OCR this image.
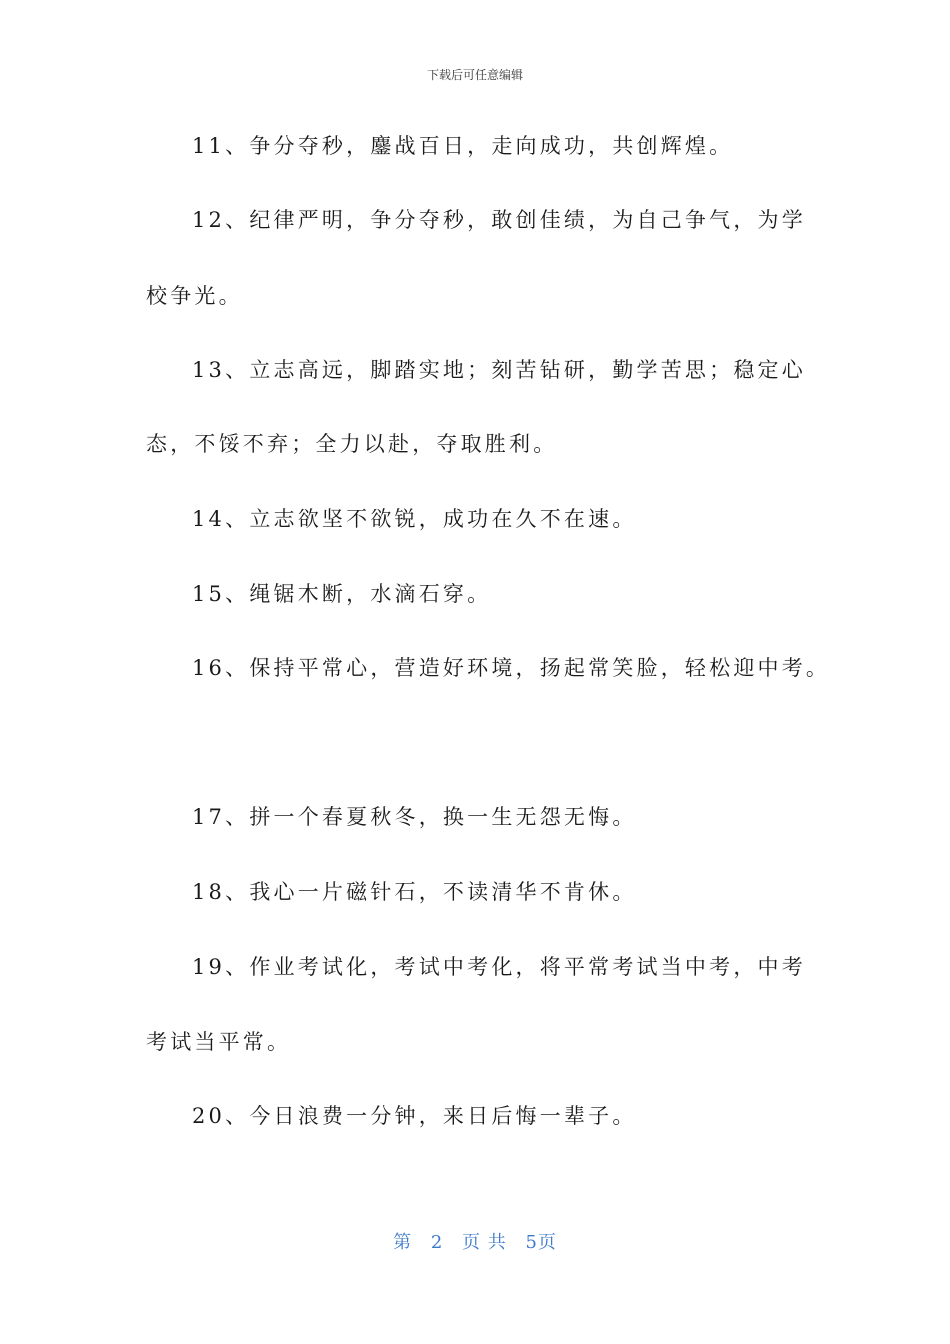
下载后可任意编辑
11、争分夺秒，鏖战百日，走向成功，共创辉煌。
12、纪律严明，争分夺秒，敢创佳绩，为自己争气，为学
校争光。
13、立志高远，脚踏实地；刻苦钻研，勤学苦思；稳定心
态，不馁不弃；全力以赴，夺取胜利。
14、立志欲坚不欲锐，成功在久不在速。
15、绳锯木断，水滴石穿。
16、保持平常心，营造好环境，扬起常笑脸，轻松迎中考。
17、拼一个春夏秋冬，换一生无怨无悔。
18、我心一片磁针石，不读清华不肯休。
19、作业考试化，考试中考化，将平常考试当中考，中考
考试当平常。
20、今日浪费一分钟，来日后悔一辈子。
第 2 页 共 5页
